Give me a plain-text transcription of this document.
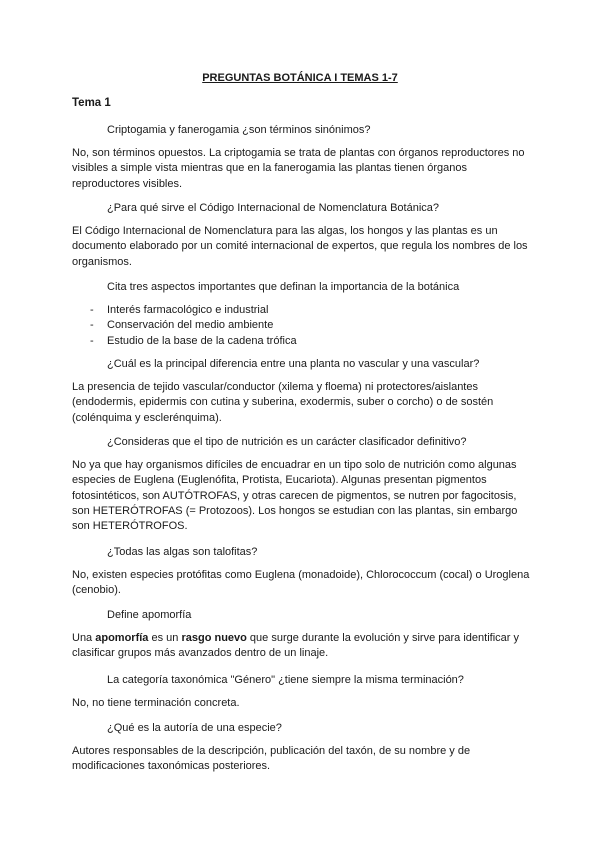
PREGUNTAS BOTÁNICA I TEMAS 1-7
Tema 1
Criptogamia y fanerogamia ¿son términos sinónimos?
No, son términos opuestos. La criptogamia se trata de plantas con órganos reproductores no visibles a simple vista mientras que en la fanerogamia las plantas tienen órganos reproductores visibles.
¿Para qué sirve el Código Internacional de Nomenclatura Botánica?
El Código Internacional de Nomenclatura para las algas, los hongos y las plantas es un documento elaborado por un comité internacional de expertos, que regula los nombres de los organismos.
Cita tres aspectos importantes que definan la importancia de la botánica
- Interés farmacológico e industrial
- Conservación del medio ambiente
- Estudio de la base de la cadena trófica
¿Cuál es la principal diferencia entre una planta no vascular y una vascular?
La presencia de tejido vascular/conductor (xilema y floema) ni protectores/aislantes (endodermis, epidermis con cutina y suberina, exodermis, suber o corcho) o de sostén (colénquima y esclerénquima).
¿Consideras que el tipo de nutrición es un carácter clasificador definitivo?
No ya que hay organismos difíciles de encuadrar en un tipo solo de nutrición como algunas especies de Euglena (Euglenófita, Protista, Eucariota). Algunas presentan pigmentos fotosintéticos, son AUTÓTROFAS, y otras carecen de pigmentos, se nutren por fagocitosis, son HETERÓTROFAS (= Protozoos). Los hongos se estudian con las plantas, sin embargo son HETERÓTROFOS.
¿Todas las algas son talofitas?
No, existen especies protófitas como Euglena (monadoide), Chlorococcum (cocal) o Uroglena (cenobio).
Define apomorfía
Una apomorfía es un rasgo nuevo que surge durante la evolución y sirve para identificar y clasificar grupos más avanzados dentro de un linaje.
La categoría taxonómica "Género" ¿tiene siempre la misma terminación?
No, no tiene terminación concreta.
¿Qué es la autoría de una especie?
Autores responsables de la descripción, publicación del taxón, de su nombre y de modificaciones taxonómicas posteriores.
